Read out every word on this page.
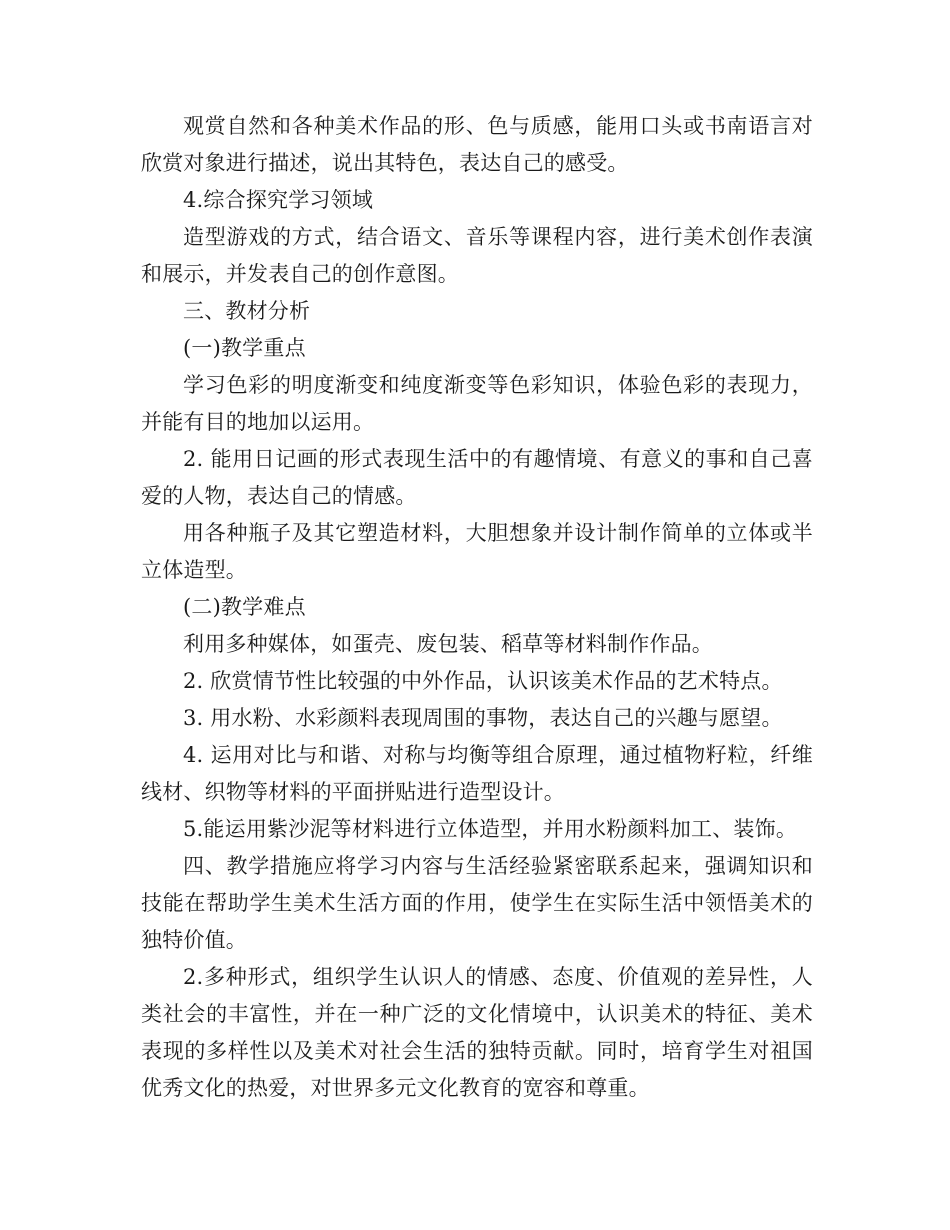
观赏自然和各种美术作品的形、色与质感，能用口头或书南语言对欣赏对象进行描述，说出其特色，表达自己的感受。

4.综合探究学习领域

造型游戏的方式，结合语文、音乐等课程内容，进行美术创作表演和展示，并发表自己的创作意图。

三、教材分析

(一)教学重点

学习色彩的明度渐变和纯度渐变等色彩知识，体验色彩的表现力，并能有目的地加以运用。

2. 能用日记画的形式表现生活中的有趣情境、有意义的事和自己喜爱的人物，表达自己的情感。

用各种瓶子及其它塑造材料，大胆想象并设计制作简单的立体或半立体造型。

(二)教学难点

利用多种媒体，如蛋壳、废包装、稻草等材料制作作品。

2. 欣赏情节性比较强的中外作品，认识该美术作品的艺术特点。

3. 用水粉、水彩颜料表现周围的事物，表达自己的兴趣与愿望。

4. 运用对比与和谐、对称与均衡等组合原理，通过植物籽粒，纤维线材、织物等材料的平面拼贴进行造型设计。

5.能运用紫沙泥等材料进行立体造型，并用水粉颜料加工、装饰。

四、教学措施应将学习内容与生活经验紧密联系起来，强调知识和技能在帮助学生美术生活方面的作用，使学生在实际生活中领悟美术的独特价值。

2.多种形式，组织学生认识人的情感、态度、价值观的差异性，人类社会的丰富性，并在一种广泛的文化情境中，认识美术的特征、美术表现的多样性以及美术对社会生活的独特贡献。同时，培育学生对祖国优秀文化的热爱，对世界多元文化教育的宽容和尊重。
